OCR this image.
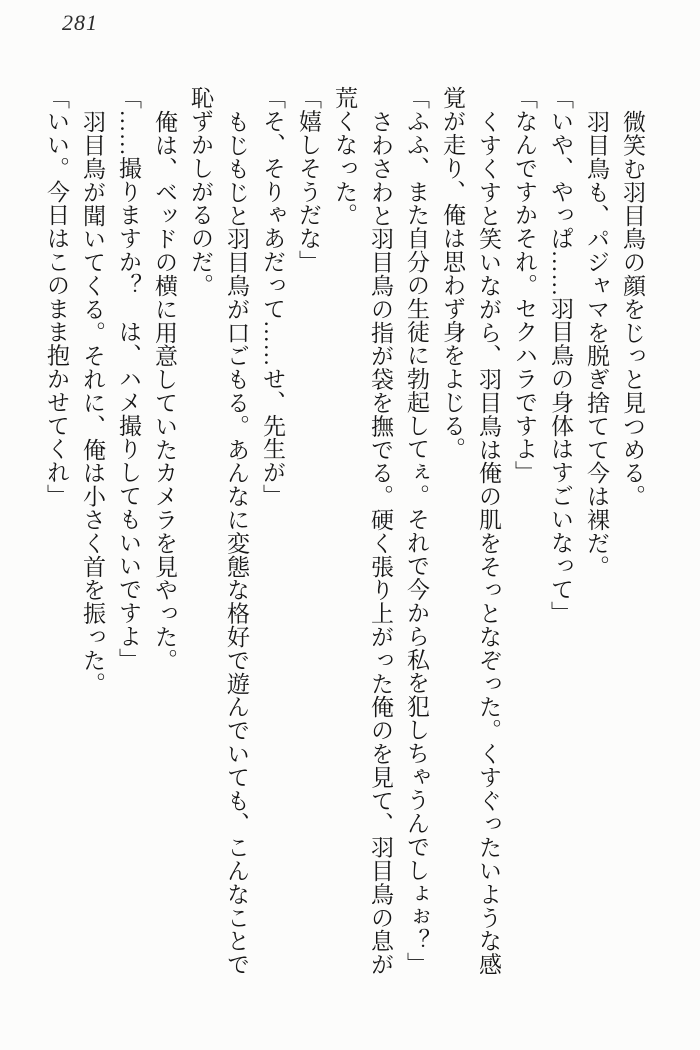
281

微笑む羽目鳥の顔をじっと見つめる。

羽目鳥も、パジャマを脱ぎ捨てて今は裸だ。

「いや、やっぱ……羽目鳥の身体はすごいなって」

「なんですかそれ。セクハラですよ」

くすくすと笑いながら、羽目鳥は俺の肌をそっとなぞった。くすぐったいような感

覚が走り、俺は思わず身をよじる。

「ふふ、また自分の生徒に勃起してぇ。それで今から私を犯しちゃうんでしょぉ？」

さわさわと羽目鳥の指が袋を撫でる。硬く張り上がった俺のを見て、羽目鳥の息が

荒くなった。

「嬉しそうだな」

「そ、そりゃあだって……せ、先生が」

もじもじと羽目鳥が口ごもる。あんなに変態な格好で遊んでいても、こんなことで

恥ずかしがるのだ。

俺は、ベッドの横に用意していたカメラを見やった。

「……撮りますか？　は、ハメ撮りしてもいいですよ」

羽目鳥が聞いてくる。それに、俺は小さく首を振った。

「いい。今日はこのまま抱かせてくれ」
